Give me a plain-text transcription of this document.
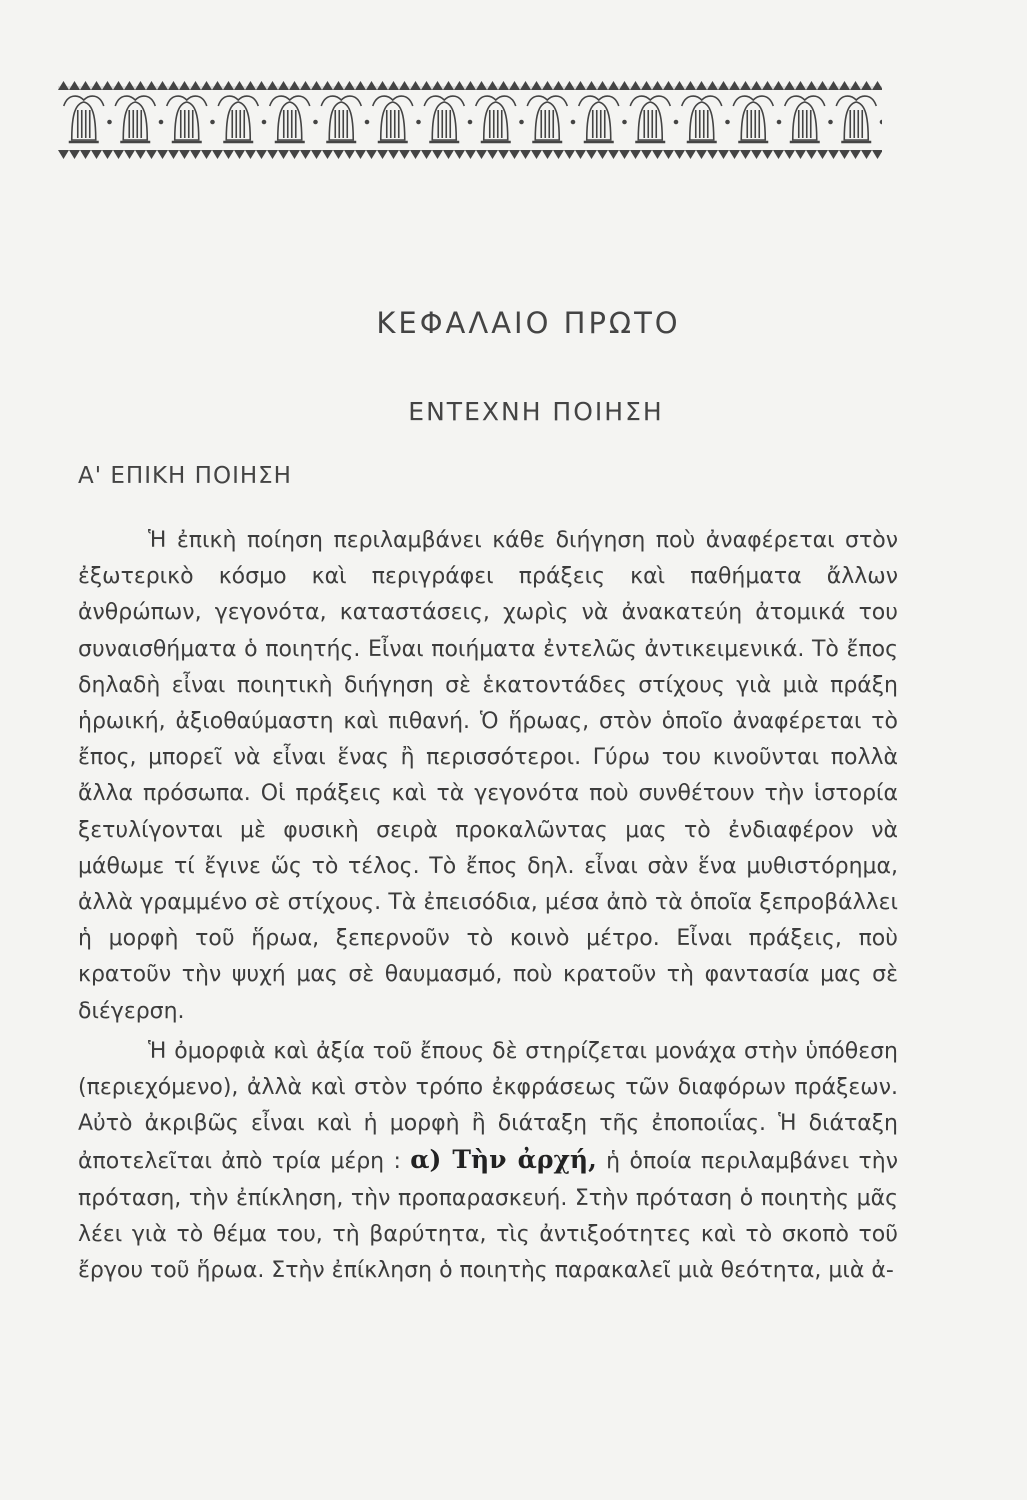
ΚΕΦΑΛΑΙΟ ΠΡΩΤΟ
ΕΝΤΕΧΝΗ ΠΟΙΗΣΗ
Α' ΕΠΙΚΗ ΠΟΙΗΣΗ

Ἡ ἐπικὴ ποίηση περιλαμβάνει κάθε διήγηση ποὺ ἀναφέρεται στὸν ἐξωτερικὸ κόσμο καὶ περιγράφει πράξεις καὶ παθήματα ἄλλων ἀνθρώπων, γεγονότα, καταστάσεις, χωρὶς νὰ ἀνακατεύη ἀτομικά του συναισθήματα ὁ ποιητής. Εἶναι ποιήματα ἐντελῶς ἀντικειμενικά. Τὸ ἔπος δηλαδὴ εἶναι ποιητικὴ διήγηση σὲ ἑκατοντάδες στίχους γιὰ μιὰ πράξη ἡρωική, ἀξιοθαύμαστη καὶ πιθανή. Ὁ ἥρωας, στὸν ὁποῖο ἀναφέρεται τὸ ἔπος, μπορεῖ νὰ εἶναι ἕνας ἢ περισσότεροι. Γύρω του κινοῦνται πολλὰ ἄλλα πρόσωπα. Οἱ πράξεις καὶ τὰ γεγονότα ποὺ συνθέτουν τὴν ἱστορία ξετυλίγονται μὲ φυσικὴ σειρὰ προκαλῶντας μας τὸ ἐνδιαφέρον νὰ μάθωμε τί ἔγινε ὥς τὸ τέλος. Τὸ ἔπος δηλ. εἶναι σὰν ἕνα μυθιστόρημα, ἀλλὰ γραμμένο σὲ στίχους. Τὰ ἐπεισόδια, μέσα ἀπὸ τὰ ὁποῖα ξεπροβάλλει ἡ μορφὴ τοῦ ἥρωα, ξεπερνοῦν τὸ κοινὸ μέτρο. Εἶναι πράξεις, ποὺ κρατοῦν τὴν ψυχή μας σὲ θαυμασμό, ποὺ κρατοῦν τὴ φαντασία μας σὲ διέγερση.

Ἡ ὀμορφιὰ καὶ ἀξία τοῦ ἔπους δὲ στηρίζεται μονάχα στὴν ὑπόθεση (περιεχόμενο), ἀλλὰ καὶ στὸν τρόπο ἐκφράσεως τῶν διαφόρων πράξεων. Αὐτὸ ἀκριβῶς εἶναι καὶ ἡ μορφὴ ἢ διάταξη τῆς ἐποποιΐας. Ἡ διάταξη ἀποτελεῖται ἀπὸ τρία μέρη : α) Τὴν ἀρχή, ἡ ὁποία περιλαμβάνει τὴν πρόταση, τὴν ἐπίκληση, τὴν προπαρασκευή. Στὴν πρόταση ὁ ποιητὴς μᾶς λέει γιὰ τὸ θέμα του, τὴ βαρύτητα, τὶς ἀντιξοότητες καὶ τὸ σκοπὸ τοῦ ἔργου τοῦ ἥρωα. Στὴν ἐπίκληση ὁ ποιητὴς παρακαλεῖ μιὰ θεότητα, μιὰ ἀ-
